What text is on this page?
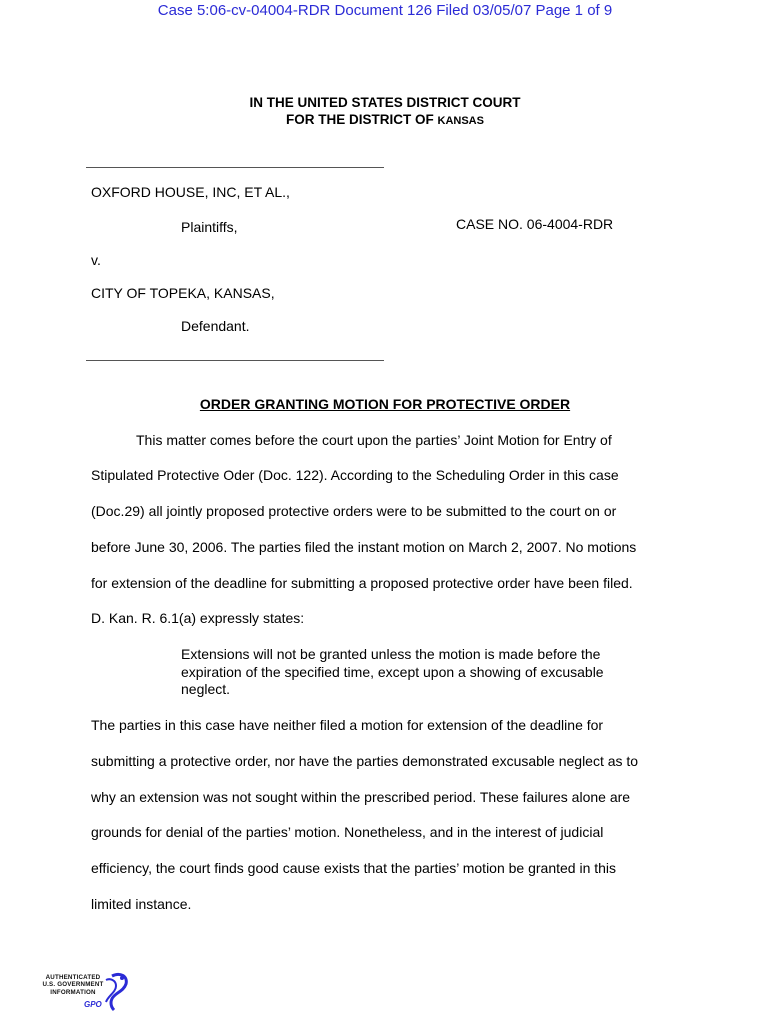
Case 5:06-cv-04004-RDR Document 126 Filed 03/05/07 Page 1 of 9
IN THE UNITED STATES DISTRICT COURT
FOR THE DISTRICT OF KANSAS
OXFORD HOUSE, INC, ET AL.,
Plaintiffs,	CASE NO. 06-4004-RDR
v.
CITY OF TOPEKA, KANSAS,
Defendant.
ORDER GRANTING MOTION FOR PROTECTIVE ORDER
This matter comes before the court upon the parties’ Joint Motion for Entry of
Stipulated Protective Oder (Doc. 122). According to the Scheduling Order in this case
(Doc.29) all jointly proposed protective orders were to be submitted to the court on or
before June 30, 2006. The parties filed the instant motion on March 2, 2007. No motions
for extension of the deadline for submitting a proposed protective order have been filed.
D. Kan. R. 6.1(a) expressly states:
Extensions will not be granted unless the motion is made before the
expiration of the specified time, except upon a showing of excusable
neglect.
The parties in this case have neither filed a motion for extension of the deadline for
submitting a protective order, nor have the parties demonstrated excusable neglect as to
why an extension was not sought within the prescribed period. These failures alone are
grounds for denial of the parties’ motion. Nonetheless, and in the interest of judicial
efficiency, the court finds good cause exists that the parties’ motion be granted in this
limited instance.
AUTHENTICATED
U.S. GOVERNMENT
INFORMATION
GPO
